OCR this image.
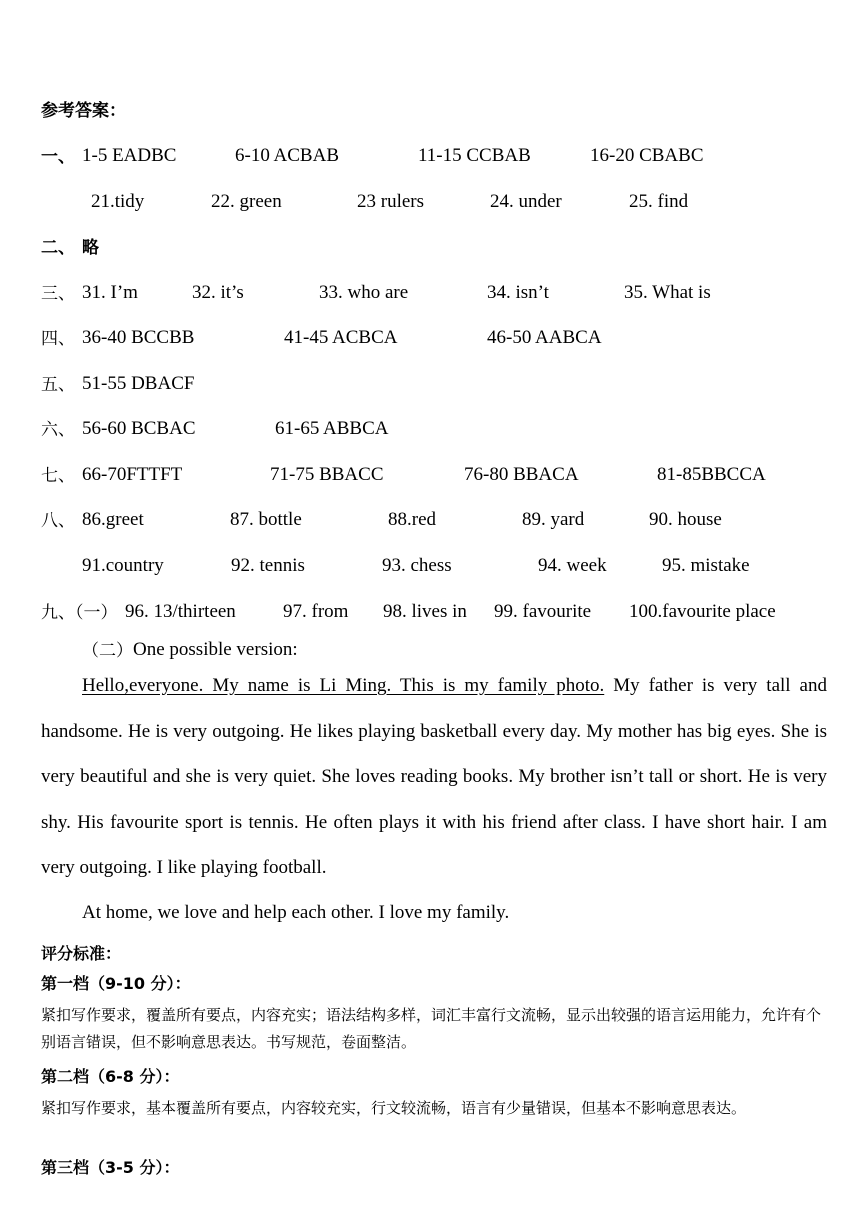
参考答案：
一、 1-5 EADBC	6-10 ACBAB	11-15 CCBAB	16-20 CBABC
21.tidy	22. green	23 rulers	24. under	25. find
二、 略
三、 31. I’m	32. it’s	33. who are	34. isn’t	35. What is
四、 36-40 BCCBB	41-45 ACBCA	46-50 AABCA
五、 51-55 DBACF
六、 56-60 BCBAC	61-65 ABBCA
七、 66-70FTTFT	71-75 BBACC	76-80 BBACA	81-85BBCCA
八、 86.greet	87. bottle	88.red	89. yard	90. house
91.country	92. tennis	93. chess	94. week	95. mistake
九、（一） 96. 13/thirteen 97. from 98. lives in 99. favourite 100.favourite place
（二） One possible version:
Hello,everyone. My name is Li Ming. This is my family photo. My father is very tall and handsome. He is very outgoing. He likes playing basketball every day. My mother has big eyes. She is very beautiful and she is very quiet. She loves reading books. My brother isn’t tall or short. He is very shy. His favourite sport is tennis. He often plays it with his friend after class. I have short hair. I am very outgoing. I like playing football.
At home, we love and help each other. I love my family.
评分标准：
第一档（9-10 分）：
紧扣写作要求，覆盖所有要点，内容充实；语法结构多样，词汇丰富行文流畅，显示出较强的语言运用能力，允许有个别语言错误，但不影响意思表达。书写规范，卷面整洁。
第二档（6-8 分）：
紧扣写作要求，基本覆盖所有要点，内容较充实，行文较流畅，语言有少量错误，但基本不影响意思表达。
第三档（3-5 分）：
